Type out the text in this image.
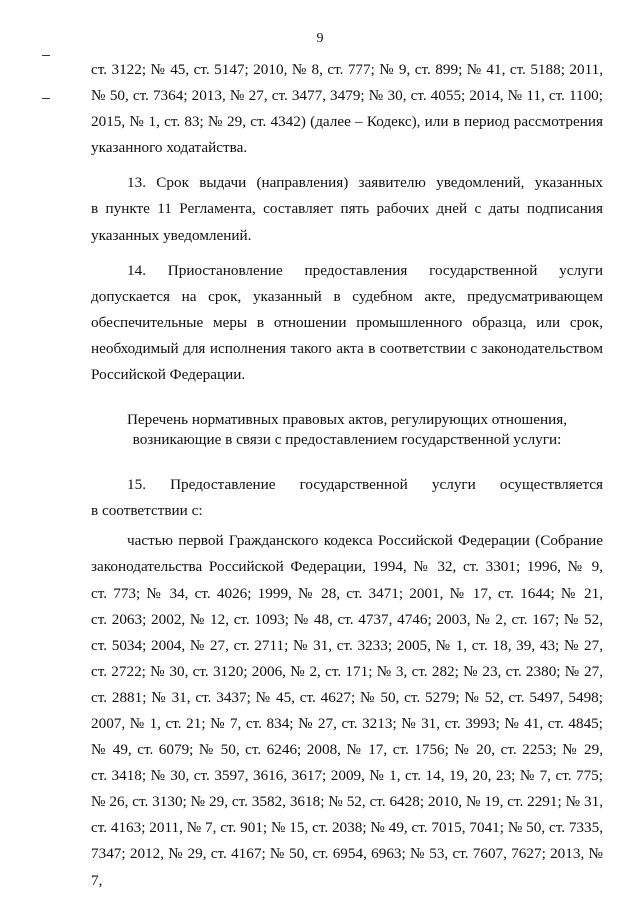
9

ст. 3122; № 45, ст. 5147; 2010, № 8, ст. 777; № 9, ст. 899; № 41, ст. 5188; 2011,
№ 50, ст. 7364; 2013, № 27, ст. 3477, 3479; № 30, ст. 4055; 2014, № 11, ст. 1100;
2015, № 1, ст. 83; № 29, ст. 4342) (далее – Кодекс), или в период рассмотрения
указанного ходатайства.

13. Срок выдачи (направления) заявителю уведомлений, указанных
в пункте 11 Регламента, составляет пять рабочих дней с даты подписания
указанных уведомлений.

14. Приостановление предоставления государственной услуги
допускается на срок, указанный в судебном акте, предусматривающем
обеспечительные меры в отношении промышленного образца, или срок,
необходимый для исполнения такого акта в соответствии с законодательством
Российской Федерации.

Перечень нормативных правовых актов, регулирующих отношения,
возникающие в связи с предоставлением государственной услуги:

15. Предоставление государственной услуги осуществляется
в соответствии с:

частью первой Гражданского кодекса Российской Федерации (Собрание
законодательства Российской Федерации, 1994, № 32, ст. 3301; 1996, № 9,
ст. 773; № 34, ст. 4026; 1999, № 28, ст. 3471; 2001, № 17, ст. 1644; № 21,
ст. 2063; 2002, № 12, ст. 1093; № 48, ст. 4737, 4746; 2003, № 2, ст. 167; № 52,
ст. 5034; 2004, № 27, ст. 2711; № 31, ст. 3233; 2005, № 1, ст. 18, 39, 43; № 27,
ст. 2722; № 30, ст. 3120; 2006, № 2, ст. 171; № 3, ст. 282; № 23, ст. 2380; № 27,
ст. 2881; № 31, ст. 3437; № 45, ст. 4627; № 50, ст. 5279; № 52, ст. 5497, 5498;
2007, № 1, ст. 21; № 7, ст. 834; № 27, ст. 3213; № 31, ст. 3993; № 41, ст. 4845;
№ 49, ст. 6079; № 50, ст. 6246; 2008, № 17, ст. 1756; № 20, ст. 2253; № 29,
ст. 3418; № 30, ст. 3597, 3616, 3617; 2009, № 1, ст. 14, 19, 20, 23; № 7, ст. 775;
№ 26, ст. 3130; № 29, ст. 3582, 3618; № 52, ст. 6428; 2010, № 19, ст. 2291; № 31,
ст. 4163; 2011, № 7, ст. 901; № 15, ст. 2038; № 49, ст. 7015, 7041; № 50, ст. 7335,
7347; 2012, № 29, ст. 4167; № 50, ст. 6954, 6963; № 53, ст. 7607, 7627; 2013, № 7,
